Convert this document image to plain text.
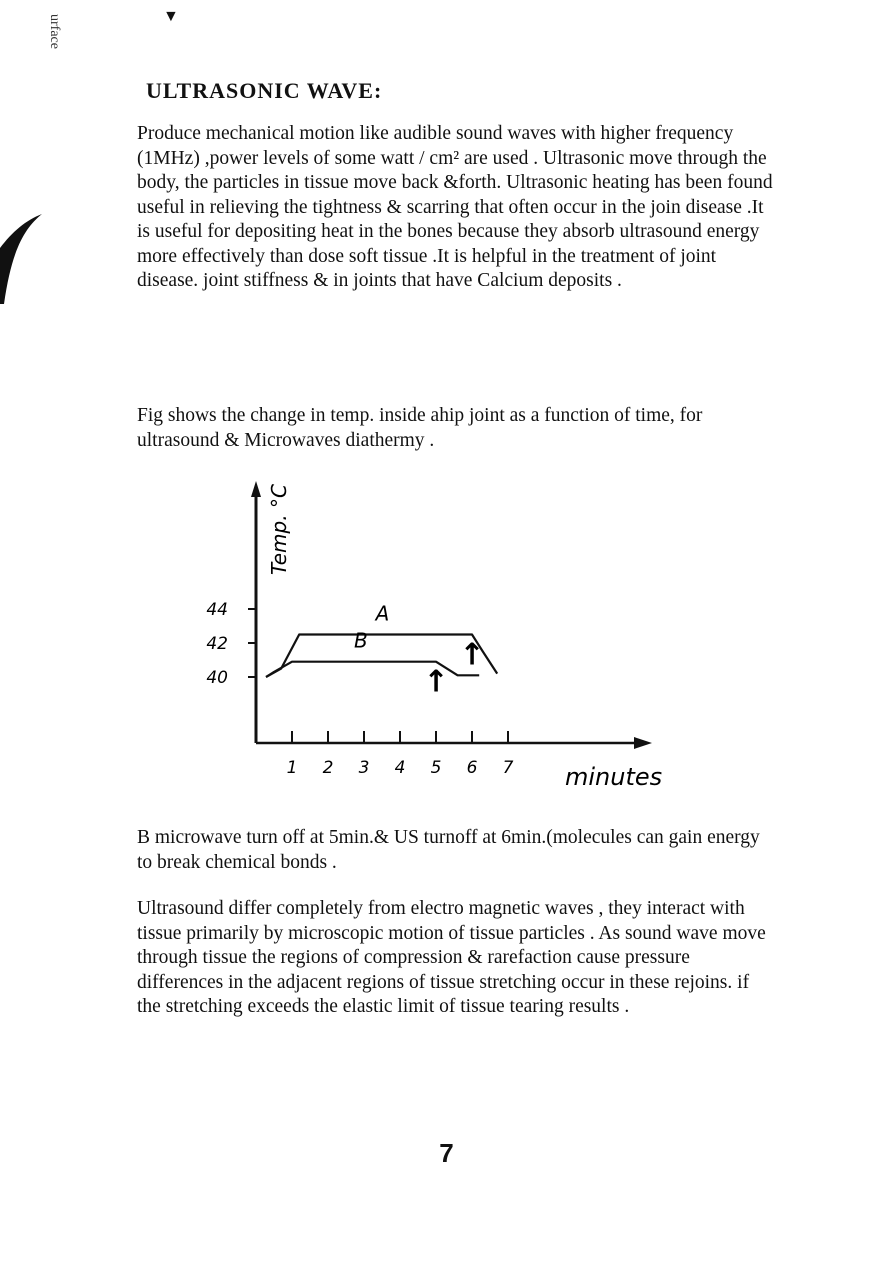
urface	▼
ULTRASONIC WAVE:

Produce mechanical motion like audible sound waves with higher frequency (1MHz) ,power levels of some watt / cm² are used . Ultrasonic move through the body, the particles in tissue move back &forth. Ultrasonic heating has been found useful in relieving the tightness & scarring that often occur in the join disease .It is useful for depositing heat in the bones because they absorb ultrasound energy more effectively than dose soft tissue .It is helpful in the treatment of joint disease. joint stiffness & in joints that have Calcium deposits .

Fig shows the change in temp. inside ahip joint as a function of time, for ultrasound & Microwaves diathermy .

1 2 3 4 5 6 7
40
42
44	A
B
↑
↑
Temp. °C
minutes

B microwave turn off at 5min.& US turnoff at 6min.(molecules can gain energy to break chemical bonds .

Ultrasound differ completely from electro magnetic waves , they interact with tissue primarily by microscopic motion of tissue particles . As sound wave move through tissue the regions of compression & rarefaction cause pressure differences in the adjacent regions of tissue stretching occur in these rejoins. if the stretching exceeds the elastic limit of tissue tearing results .

7
